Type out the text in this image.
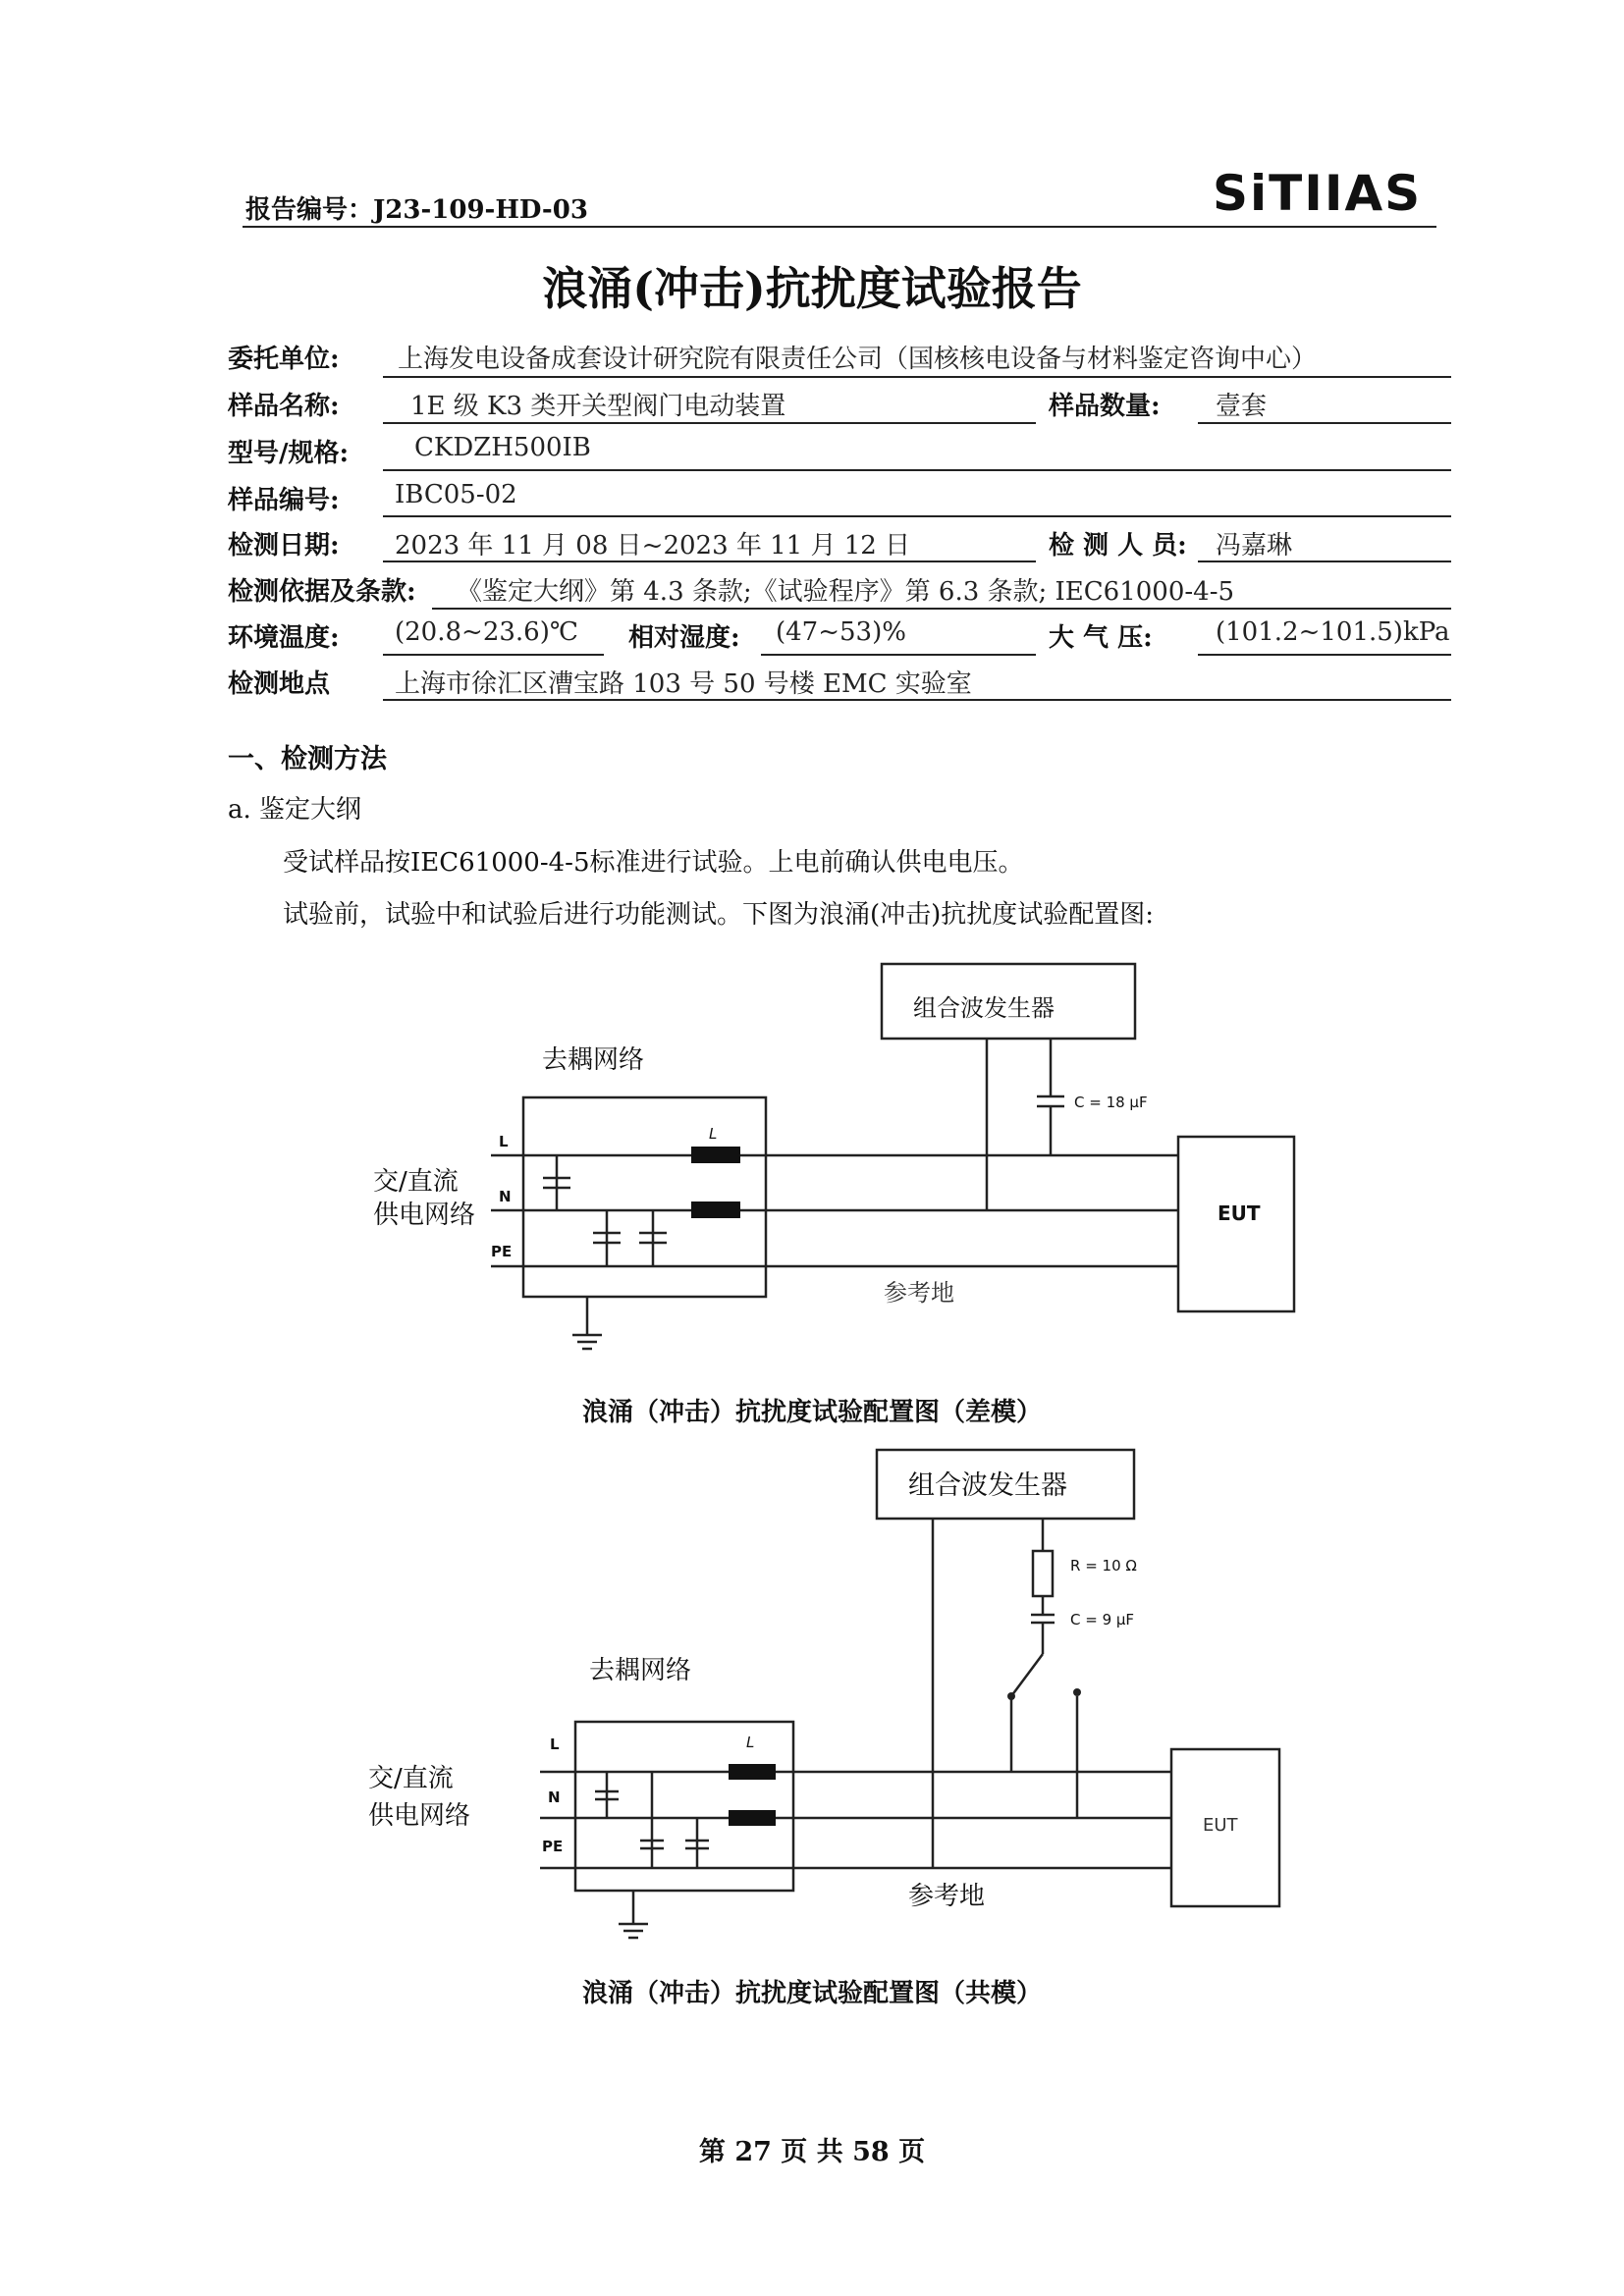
报告编号：J23-109-HD-03	SiTIIAS
浪涌(冲击)抗扰度试验报告
委托单位: 上海发电设备成套设计研究院有限责任公司（国核核电设备与材料鉴定咨询中心）
样品名称:	1E 级 K3 类开关型阀门电动装置	样品数量: 壹套
型号/规格:	CKDZH500IB
样品编号: IBC05-02
检测日期: 2023 年 11 月 08 日~2023 年 11 月 12 日	检 测 人 员: 冯嘉琳
检测依据及条款: 《鉴定大纲》第 4.3 条款;《试验程序》第 6.3 条款; IEC61000-4-5
环境温度: (20.8~23.6)℃ 相对湿度: (47~53)%	大 气 压: (101.2~101.5)kPa
检测地点	上海市徐汇区漕宝路 103 号 50 号楼 EMC 实验室
一、检测方法
a. 鉴定大纲
受试样品按IEC61000-4-5标准进行试验。上电前确认供电电压。
试验前，试验中和试验后进行功能测试。下图为浪涌(冲击)抗扰度试验配置图:
组合波发生器
去耦网络
交/直流
供电网络
L
N
PE
L
C = 18 μF
EUT
参考地
浪涌（冲击）抗扰度试验配置图（差模）
组合波发生器
去耦网络
交/直流
供电网络
L
N
PE
L
R = 10 Ω
C = 9 μF
EUT
参考地
浪涌（冲击）抗扰度试验配置图（共模）
第 27 页 共 58 页
